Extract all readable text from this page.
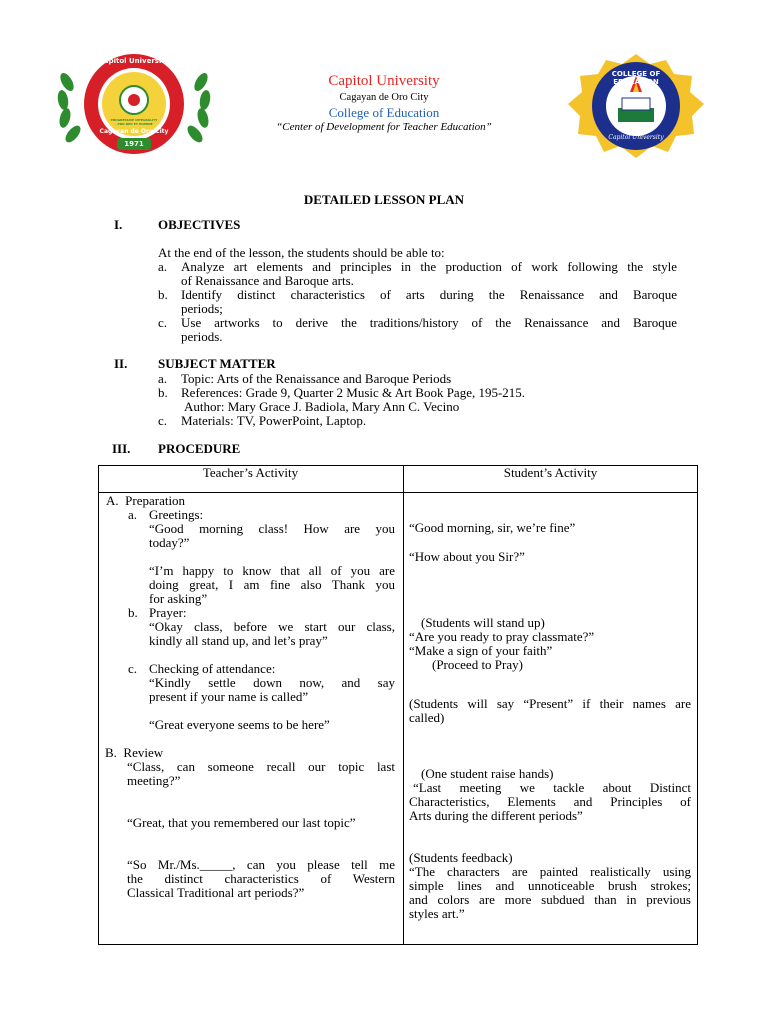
Capitol University
PROGRESSIVE INTEGRALITY · PRO DEO ET HOMINE
Cagayan de Oro City
1971
Capitol University
Cagayan de Oro City
College of Education
“Center of Development for Teacher Education”
COLLEGE OF EDUCATION
Capitol University
DETAILED LESSON PLAN
I.	OBJECTIVES
At the end of the lesson, the students should be able to:
a. Analyze art elements and principles in the production of work following the style
of Renaissance and Baroque arts.
b. Identify distinct characteristics of arts during the Renaissance and Baroque
periods;
c. Use artworks to derive the traditions/history of the Renaissance and Baroque
periods.
II. SUBJECT MATTER
a. Topic: Arts of the Renaissance and Baroque Periods
b. References: Grade 9, Quarter 2 Music & Art Book Page, 195-215.
Author: Mary Grace J. Badiola, Mary Ann C. Vecino
c. Materials: TV, PowerPoint, Laptop.
III. PROCEDURE
Teacher’s Activity	Student’s Activity
A.  Preparation
a. Greetings:
“Good morning class! How are you
today?”
“I’m happy to know that all of you are
doing great, I am fine also Thank you
for asking”
b. Prayer:
“Okay class, before we start our class,
kindly all stand up, and let’s pray”
c. Checking of attendance:
“Kindly settle down now, and say
present if your name is called”
“Great everyone seems to be here”
B.  Review
“Class, can someone recall our topic last
meeting?”
“Great, that you remembered our last topic”
“So Mr./Ms._____, can you please tell me
the distinct characteristics of Western
Classical Traditional art periods?”
“Good morning, sir, we’re fine”
“How about you Sir?”
(Students will stand up)
“Are you ready to pray classmate?”
“Make a sign of your faith”
(Proceed to Pray)
(Students will say “Present” if their names are
called)
(One student raise hands)
“Last meeting we tackle about Distinct
Characteristics, Elements and Principles of
Arts during the different periods”
(Students feedback)
“The characters are painted realistically using
simple lines and unnoticeable brush strokes;
and colors are more subdued than in previous
styles art.”
